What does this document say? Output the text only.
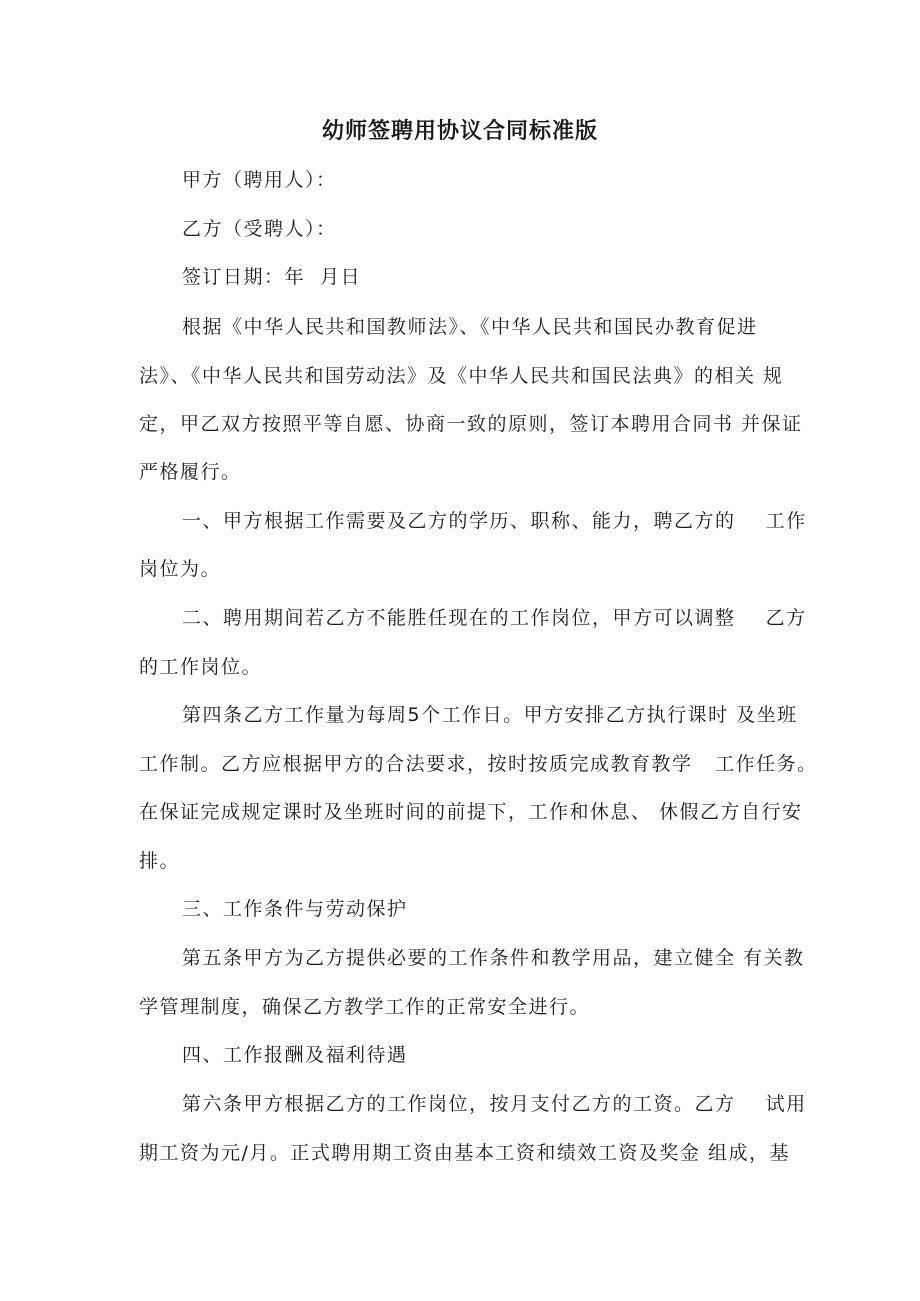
幼师签聘用协议合同标准版

甲方（聘用人）：

乙方（受聘人）：

签订日期：年  月日

根据《中华人民共和国教师法》、《中华人民共和国民办教育促进

法》、《中华人民共和国劳动法》及《中华人民共和国民法典》的相关 规

定，甲乙双方按照平等自愿、协商一致的原则，签订本聘用合同书 并保证

严格履行。

一、甲方根据工作需要及乙方的学历、职称、能力，聘乙方的    工作

岗位为。

二、聘用期间若乙方不能胜任现在的工作岗位，甲方可以调整    乙方

的工作岗位。

第四条乙方工作量为每周5个工作日。甲方安排乙方执行课时 及坐班

工作制。乙方应根据甲方的合法要求，按时按质完成教育教学   工作任务。

在保证完成规定课时及坐班时间的前提下，工作和休息、 休假乙方自行安

排。

三、工作条件与劳动保护

第五条甲方为乙方提供必要的工作条件和教学用品，建立健全 有关教

学管理制度，确保乙方教学工作的正常安全进行。

四、工作报酬及福利待遇

第六条甲方根据乙方的工作岗位，按月支付乙方的工资。乙方    试用

期工资为元/月。正式聘用期工资由基本工资和绩效工资及奖金 组成，基
